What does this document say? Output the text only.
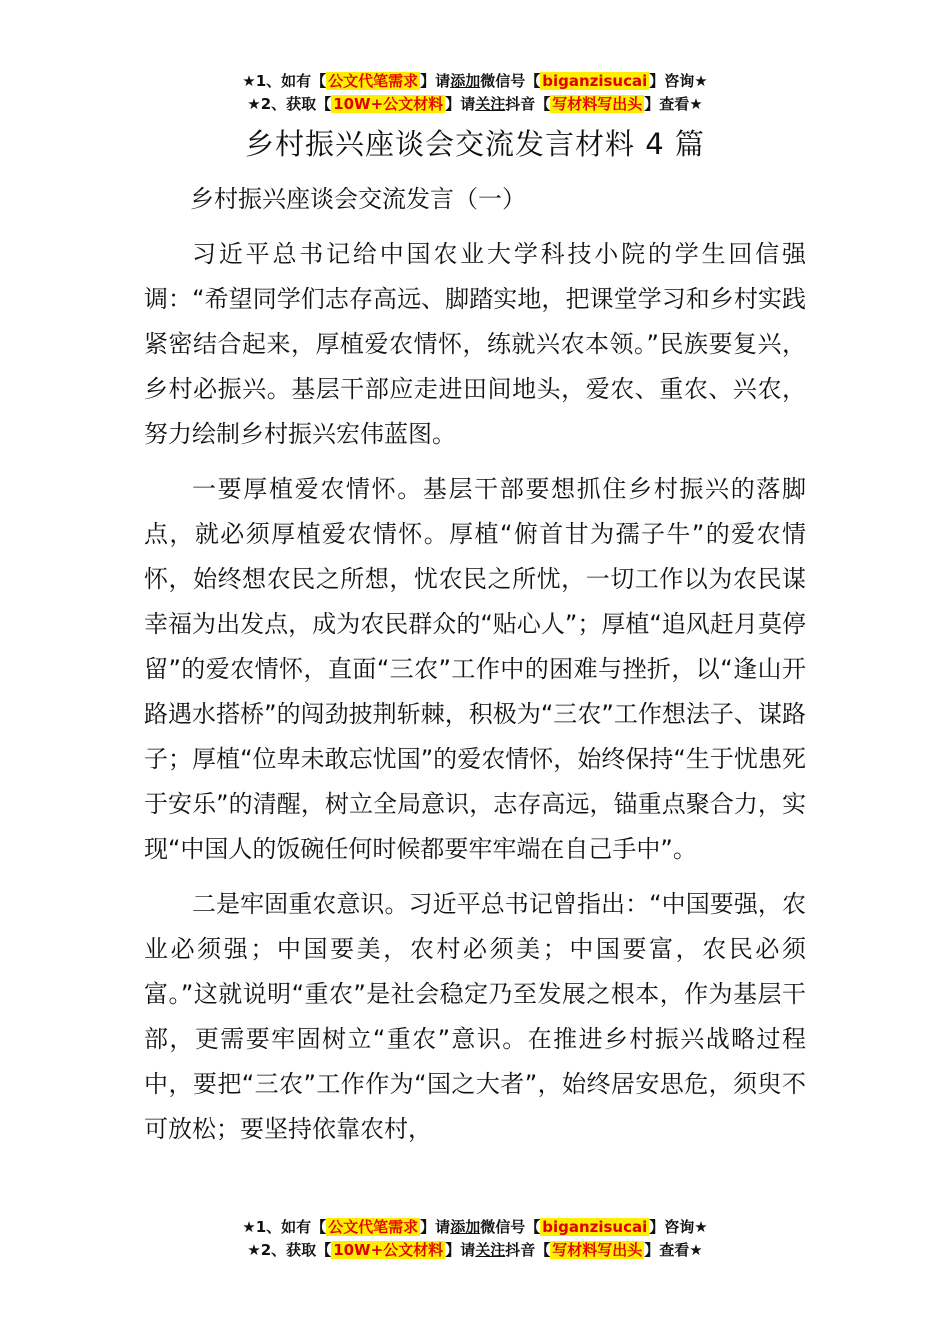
★1、如有【 公文代笔需求 】请添加微信号【 biganzisucai 】咨询★
★2、获取【 10W+公文材料 】请关注抖音【 写材料写出头 】查看★
乡村振兴座谈会交流发言材料 4 篇
乡村振兴座谈会交流发言（一）

习近平总书记给中国农业大学科技小院的学生回信强调：“希望同学们志存高远、脚踏实地，把课堂学习和乡村实践紧密结合起来，厚植爱农情怀，练就兴农本领。”民族要复兴，乡村必振兴。基层干部应走进田间地头，爱农、重农、兴农，努力绘制乡村振兴宏伟蓝图。

一要厚植爱农情怀。基层干部要想抓住乡村振兴的落脚点，就必须厚植爱农情怀。厚植“俯首甘为孺子牛”的爱农情怀，始终想农民之所想，忧农民之所忧，一切工作以为农民谋幸福为出发点，成为农民群众的“贴心人”；厚植“追风赶月莫停留”的爱农情怀，直面“三农”工作中的困难与挫折，以“逢山开路遇水搭桥”的闯劲披荆斩棘，积极为“三农”工作想法子、谋路子；厚植“位卑未敢忘忧国”的爱农情怀，始终保持“生于忧患死于安乐”的清醒，树立全局意识，志存高远，锚重点聚合力，实现“中国人的饭碗任何时候都要牢牢端在自己手中”。

二是牢固重农意识。习近平总书记曾指出：“中国要强，农业必须强；中国要美，农村必须美；中国要富，农民必须富。”这就说明“重农”是社会稳定乃至发展之根本，作为基层干部，更需要牢固树立“重农”意识。在推进乡村振兴战略过程中，要把“三农”工作作为“国之大者”，始终居安思危，须臾不可放松；要坚持依靠农村，

★1、如有【 公文代笔需求 】请添加微信号【 biganzisucai 】咨询★
★2、获取【 10W+公文材料 】请关注抖音【 写材料写出头 】查看★
